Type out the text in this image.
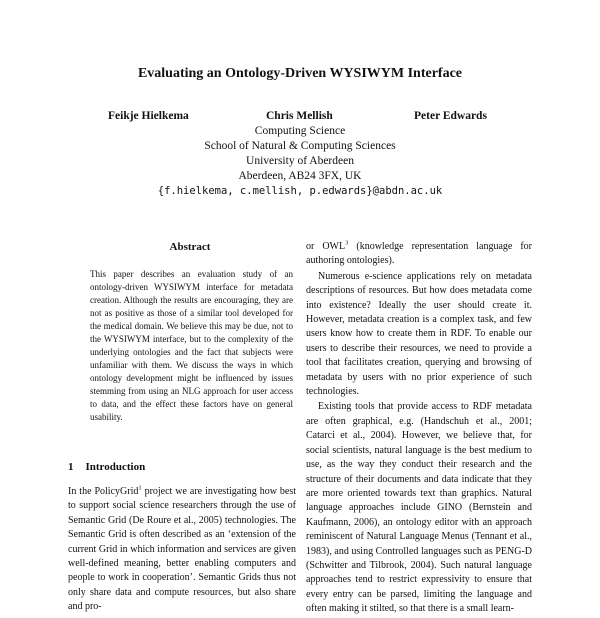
Evaluating an Ontology-Driven WYSIWYM Interface
Feikje Hielkema	Chris Mellish	Peter Edwards
Computing Science
School of Natural & Computing Sciences
University of Aberdeen
Aberdeen, AB24 3FX, UK
{f.hielkema, c.mellish, p.edwards}@abdn.ac.uk
Abstract

This paper describes an evaluation study of an ontology-driven WYSIWYM interface for metadata creation. Although the results are encouraging, they are not as positive as those of a similar tool developed for the medical domain. We believe this may be due, not to the WYSIWYM interface, but to the complexity of the underlying ontologies and the fact that subjects were unfamiliar with them. We discuss the ways in which ontology development might be influenced by issues stemming from using an NLG approach for user access to data, and the effect these factors have on general usability.

1 Introduction

In the PolicyGrid$^1$ project we are investigating how best to support social science researchers through the use of Semantic Grid (De Roure et al., 2005) technologies. The Semantic Grid is often described as an ‘extension of the current Grid in which information and services are given well-defined meaning, better enabling computers and people to work in cooperation’. Semantic Grids thus not only share data and compute resources, but also share and pro-

or OWL$^3$ (knowledge representation language for authoring ontologies).

Numerous e-science applications rely on metadata descriptions of resources. But how does metadata come into existence? Ideally the user should create it. However, metadata creation is a complex task, and few users know how to create them in RDF. To enable our users to describe their resources, we need to provide a tool that facilitates creation, querying and browsing of metadata by users with no prior experience of such technologies.

Existing tools that provide access to RDF metadata are often graphical, e.g. (Handschuh et al., 2001; Catarci et al., 2004). However, we believe that, for social scientists, natural language is the best medium to use, as the way they conduct their research and the structure of their documents and data indicate that they are more oriented towards text than graphics. Natural language approaches include GINO (Bernstein and Kaufmann, 2006), an ontology editor with an approach reminiscent of Natural Language Menus (Tennant et al., 1983), and using Controlled languages such as PENG-D (Schwitter and Tilbrook, 2004). Such natural language approaches tend to restrict expressivity to ensure that every entry can be parsed, limiting the language and often making it stilted, so that there is a small learn-
